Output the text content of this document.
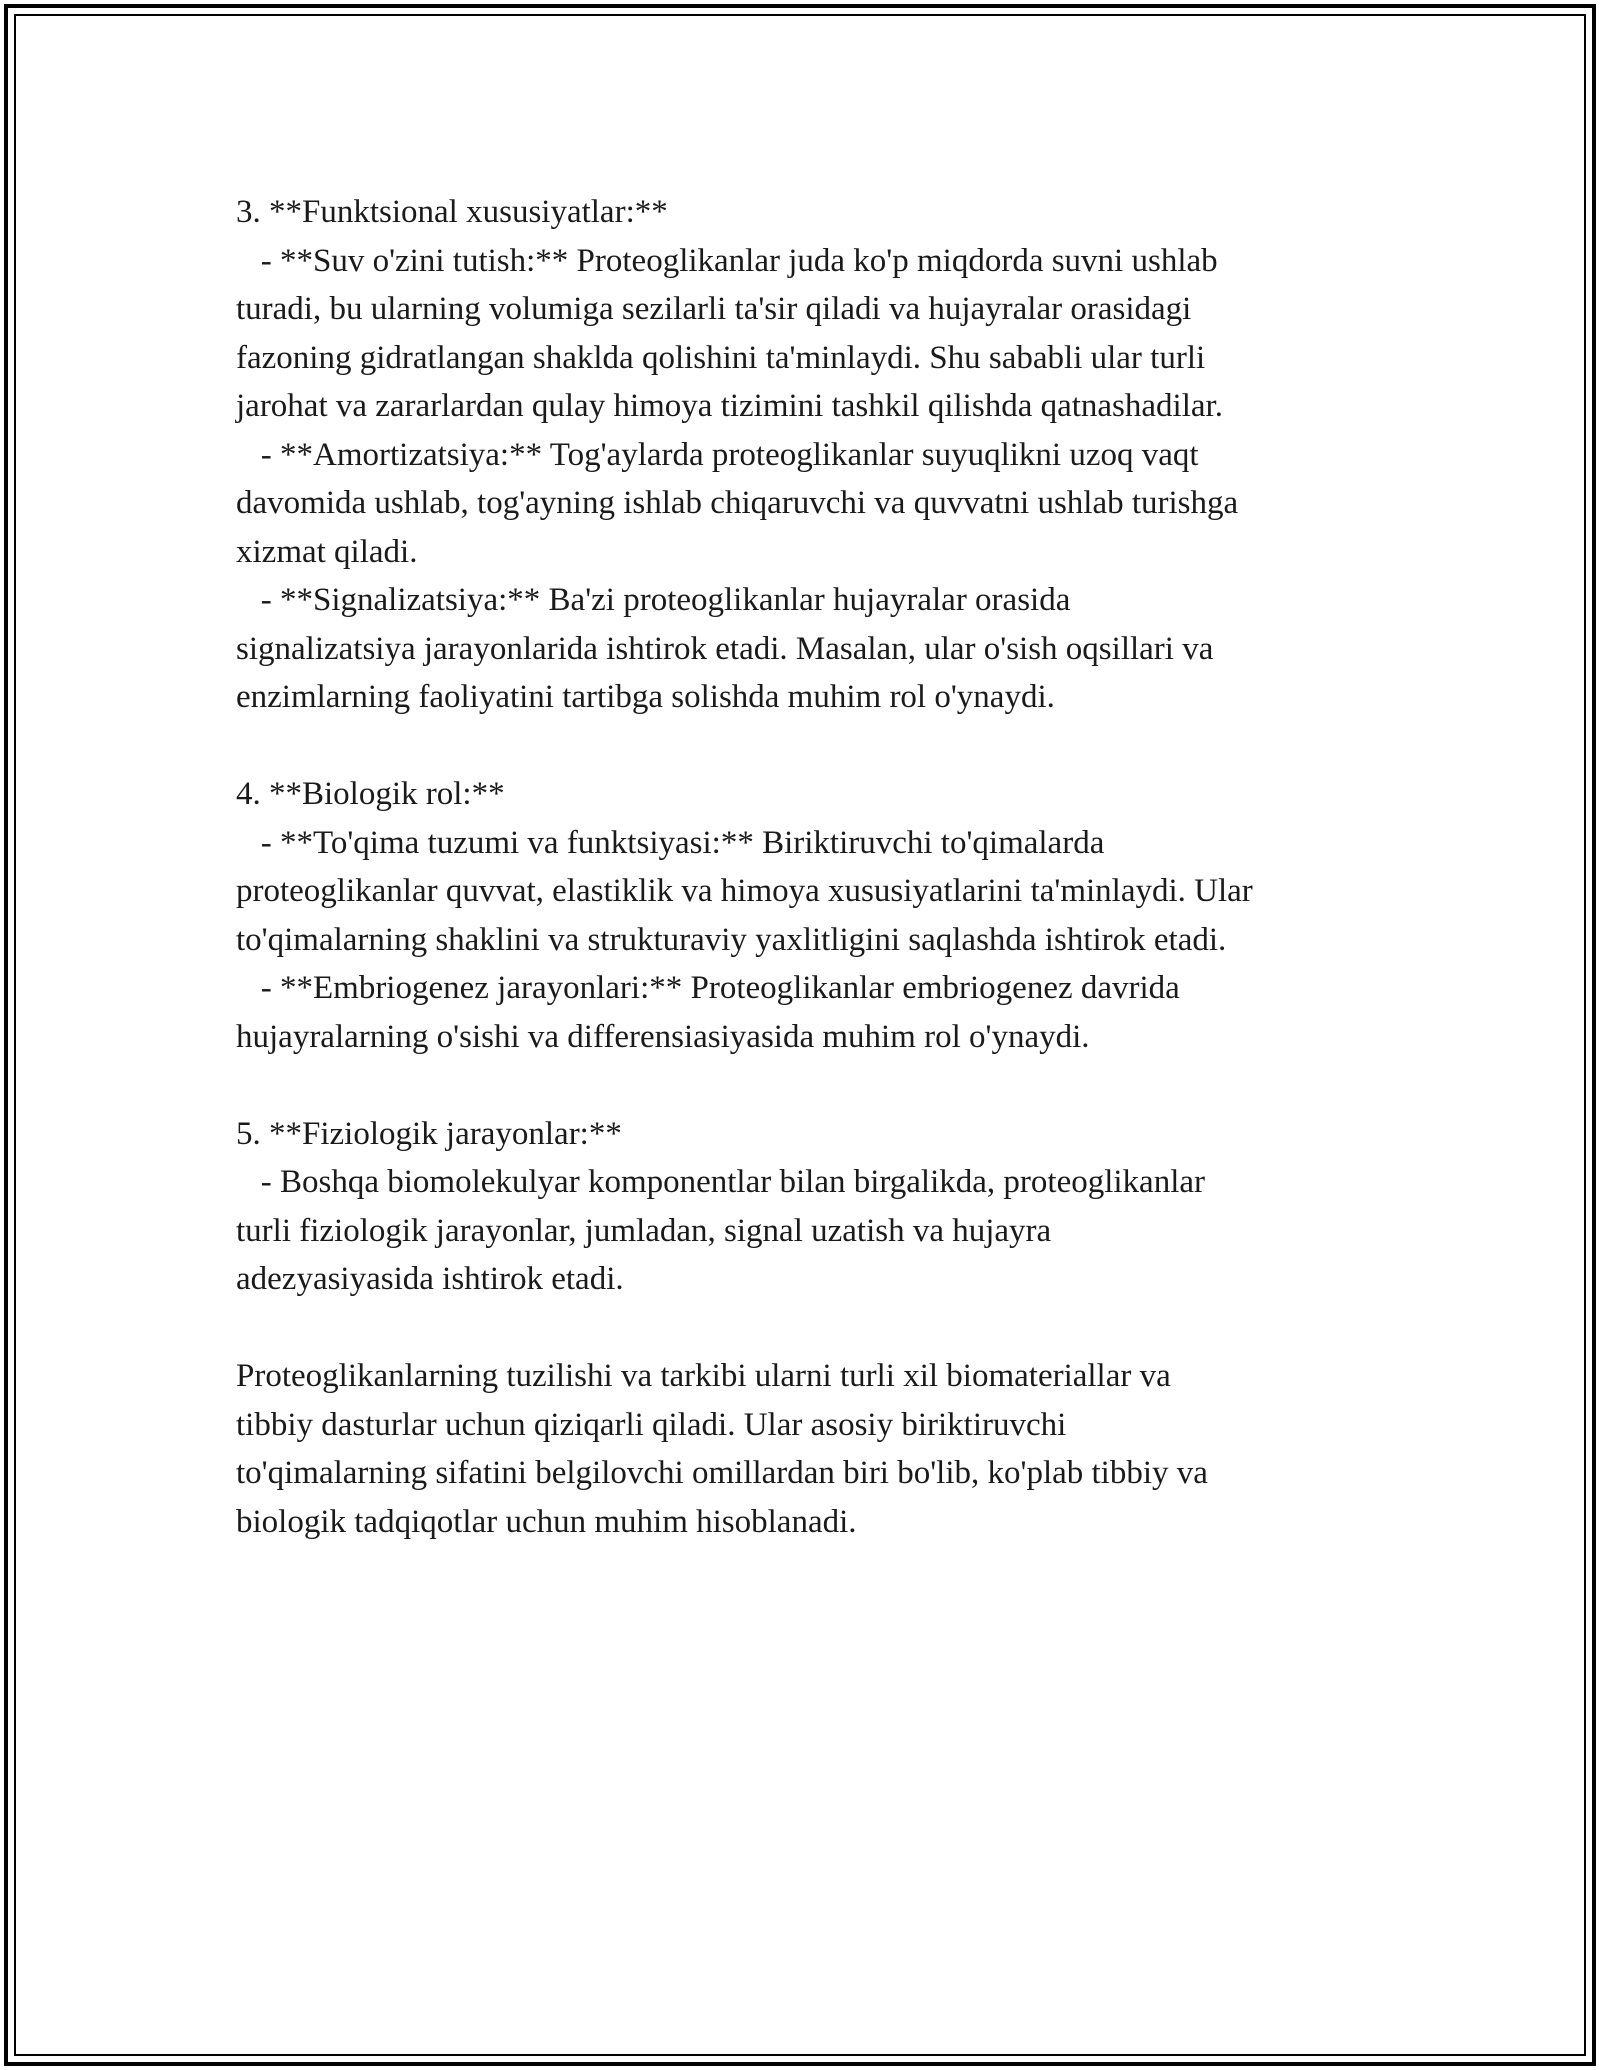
3. **Funktsional xususiyatlar:**
- **Suv o'zini tutish:** Proteoglikanlar juda ko'p miqdorda suvni ushlab
turadi, bu ularning volumiga sezilarli ta'sir qiladi va hujayralar orasidagi
fazoning gidratlangan shaklda qolishini ta'minlaydi. Shu sababli ular turli
jarohat va zararlardan qulay himoya tizimini tashkil qilishda qatnashadilar.
- **Amortizatsiya:** Tog'aylarda proteoglikanlar suyuqlikni uzoq vaqt
davomida ushlab, tog'ayning ishlab chiqaruvchi va quvvatni ushlab turishga
xizmat qiladi.
- **Signalizatsiya:** Ba'zi proteoglikanlar hujayralar orasida
signalizatsiya jarayonlarida ishtirok etadi. Masalan, ular o'sish oqsillari va
enzimlarning faoliyatini tartibga solishda muhim rol o'ynaydi.
4. **Biologik rol:**
- **To'qima tuzumi va funktsiyasi:** Biriktiruvchi to'qimalarda
proteoglikanlar quvvat, elastiklik va himoya xususiyatlarini ta'minlaydi. Ular
to'qimalarning shaklini va strukturaviy yaxlitligini saqlashda ishtirok etadi.
- **Embriogenez jarayonlari:** Proteoglikanlar embriogenez davrida
hujayralarning o'sishi va differensiasiyasida muhim rol o'ynaydi.
5. **Fiziologik jarayonlar:**
- Boshqa biomolekulyar komponentlar bilan birgalikda, proteoglikanlar
turli fiziologik jarayonlar, jumladan, signal uzatish va hujayra
adezyasiyasida ishtirok etadi.
Proteoglikanlarning tuzilishi va tarkibi ularni turli xil biomateriallar va
tibbiy dasturlar uchun qiziqarli qiladi. Ular asosiy biriktiruvchi
to'qimalarning sifatini belgilovchi omillardan biri bo'lib, ko'plab tibbiy va
biologik tadqiqotlar uchun muhim hisoblanadi.
